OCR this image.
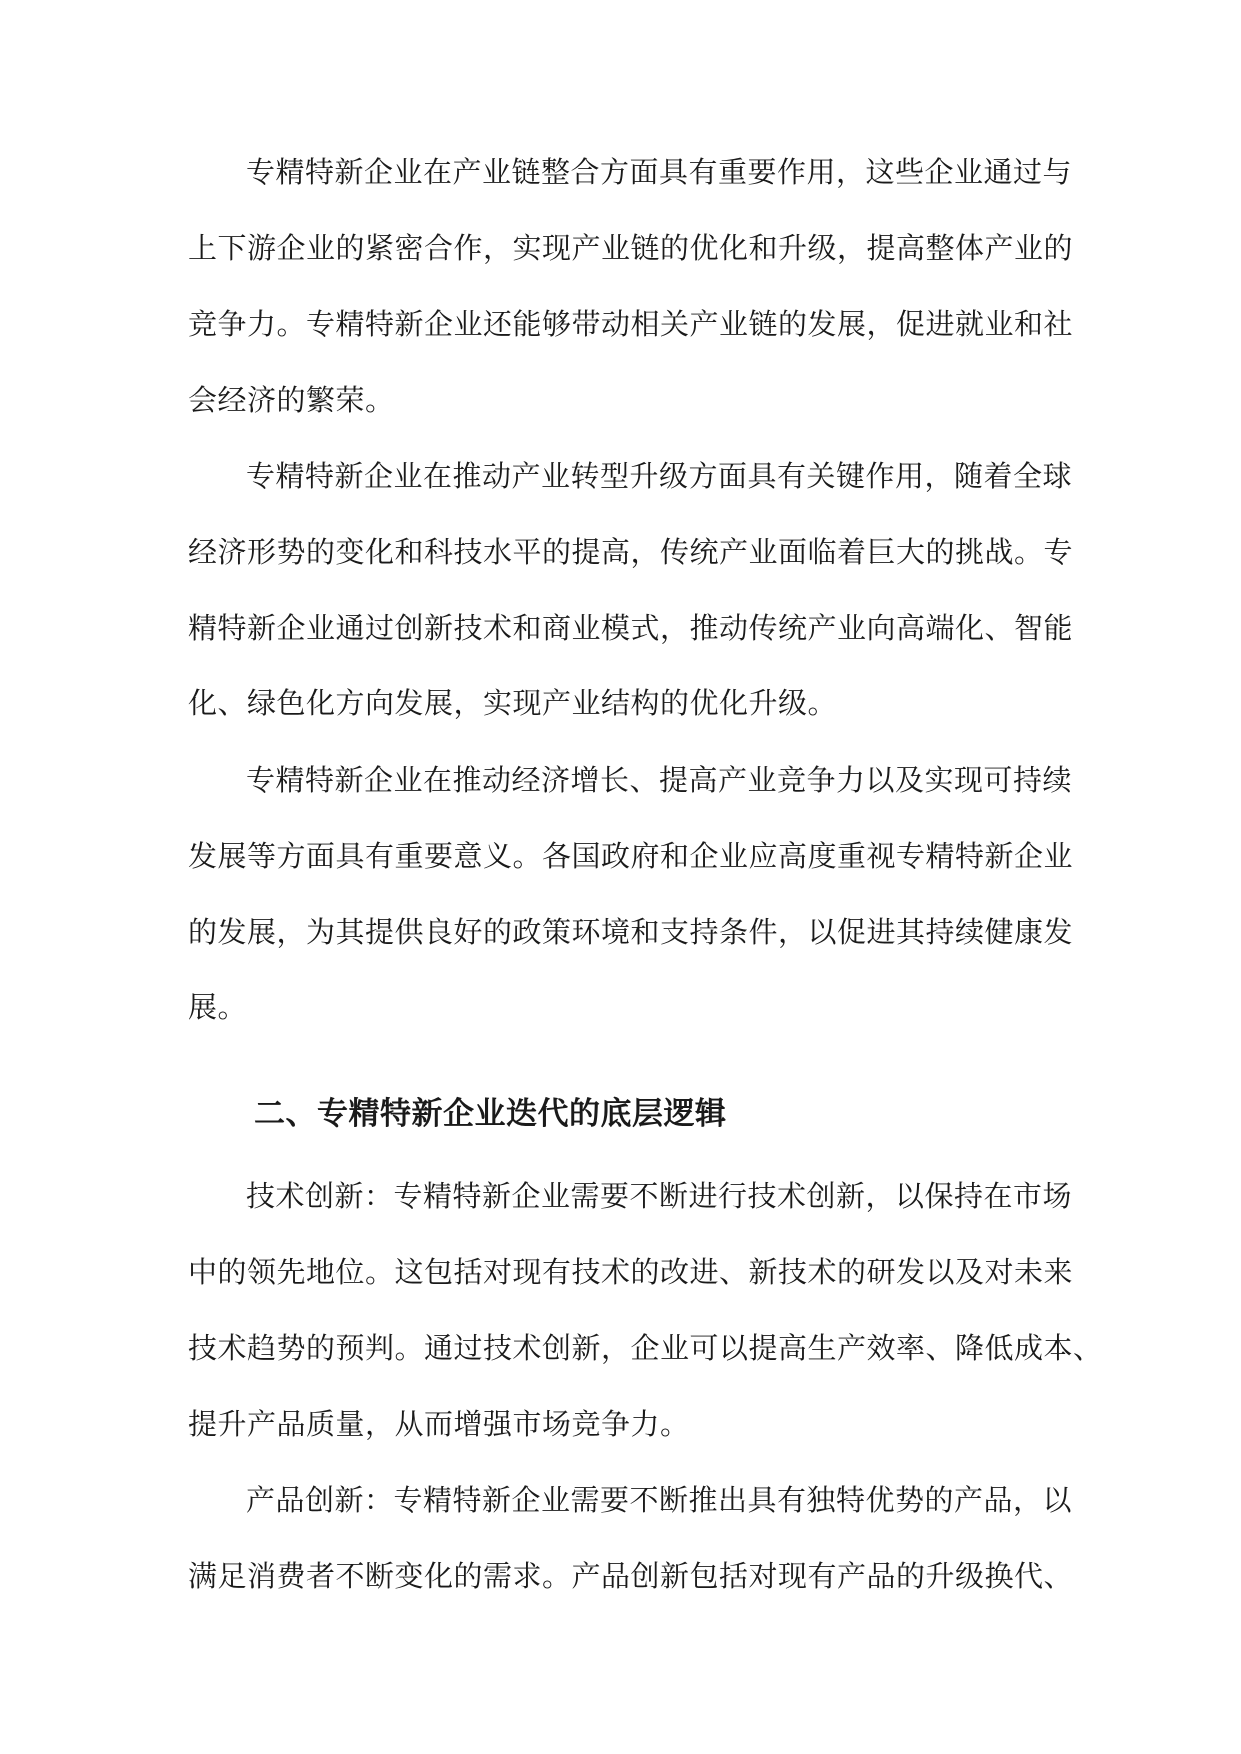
专精特新企业在产业链整合方面具有重要作用，这些企业通过与

上下游企业的紧密合作，实现产业链的优化和升级，提高整体产业的

竞争力。专精特新企业还能够带动相关产业链的发展，促进就业和社

会经济的繁荣。

专精特新企业在推动产业转型升级方面具有关键作用，随着全球

经济形势的变化和科技水平的提高，传统产业面临着巨大的挑战。专

精特新企业通过创新技术和商业模式，推动传统产业向高端化、智能

化、绿色化方向发展，实现产业结构的优化升级。

专精特新企业在推动经济增长、提高产业竞争力以及实现可持续

发展等方面具有重要意义。各国政府和企业应高度重视专精特新企业

的发展，为其提供良好的政策环境和支持条件，以促进其持续健康发

展。

二、专精特新企业迭代的底层逻辑

技术创新：专精特新企业需要不断进行技术创新，以保持在市场

中的领先地位。这包括对现有技术的改进、新技术的研发以及对未来

技术趋势的预判。通过技术创新，企业可以提高生产效率、降低成本、

提升产品质量，从而增强市场竞争力。

产品创新：专精特新企业需要不断推出具有独特优势的产品，以

满足消费者不断变化的需求。产品创新包括对现有产品的升级换代、
